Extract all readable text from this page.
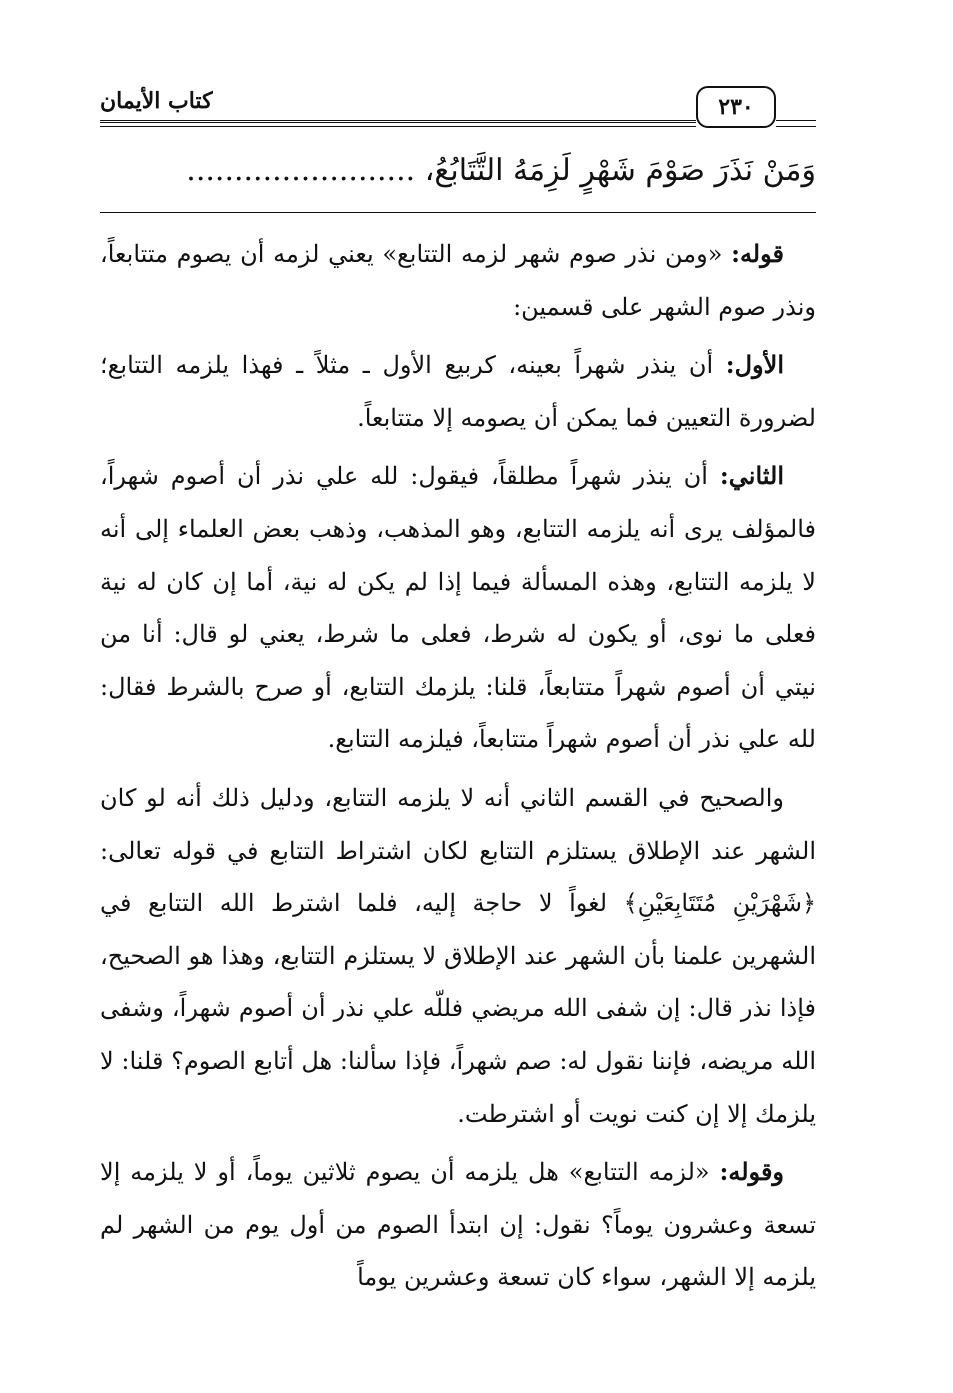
كتاب الأيمان	٢٣٠
وَمَنْ نَذَرَ صَوْمَ شَهْرٍ لَزِمَهُ التَّتَابُعُ، ........................

قوله: «ومن نذر صوم شهر لزمه التتابع» يعني لزمه أن يصوم متتابعاً، ونذر صوم الشهر على قسمين:

الأول: أن ينذر شهراً بعينه، كربيع الأول ـ مثلاً ـ فهذا يلزمه التتابع؛ لضرورة التعيين فما يمكن أن يصومه إلا متتابعاً.

الثاني: أن ينذر شهراً مطلقاً، فيقول: لله علي نذر أن أصوم شهراً، فالمؤلف يرى أنه يلزمه التتابع، وهو المذهب، وذهب بعض العلماء إلى أنه لا يلزمه التتابع، وهذه المسألة فيما إذا لم يكن له نية، أما إن كان له نية فعلى ما نوى، أو يكون له شرط، فعلى ما شرط، يعني لو قال: أنا من نيتي أن أصوم شهراً متتابعاً، قلنا: يلزمك التتابع، أو صرح بالشرط فقال: لله علي نذر أن أصوم شهراً متتابعاً، فيلزمه التتابع.

والصحيح في القسم الثاني أنه لا يلزمه التتابع، ودليل ذلك أنه لو كان الشهر عند الإطلاق يستلزم التتابع لكان اشتراط التتابع في قوله تعالى: ﴿شَهْرَيْنِ مُتَتَابِعَيْنِ﴾ لغواً لا حاجة إليه، فلما اشترط الله التتابع في الشهرين علمنا بأن الشهر عند الإطلاق لا يستلزم التتابع، وهذا هو الصحيح، فإذا نذر قال: إن شفى الله مريضي فللّه علي نذر أن أصوم شهراً، وشفى الله مريضه، فإننا نقول له: صم شهراً، فإذا سألنا: هل أتابع الصوم؟ قلنا: لا يلزمك إلا إن كنت نويت أو اشترطت.

وقوله: «لزمه التتابع» هل يلزمه أن يصوم ثلاثين يوماً، أو لا يلزمه إلا تسعة وعشرون يوماً؟ نقول: إن ابتدأ الصوم من أول يوم من الشهر لم يلزمه إلا الشهر، سواء كان تسعة وعشرين يوماً
